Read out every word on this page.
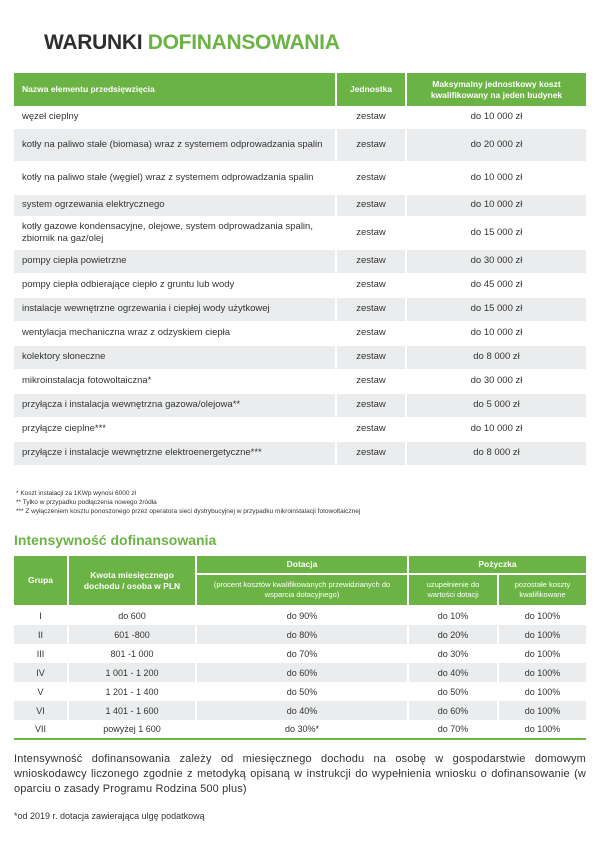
WARUNKI DOFINANSOWANIA
Nazwa elementu przedsięwzięcia	Jednostka	Maksymalny jednostkowy koszt kwalifikowany na jeden budynek
węzeł cieplny	zestaw	do 10 000 zł
kotły na paliwo stałe (biomasa) wraz z systemem odprowadzania spalin	zestaw	do 20 000 zł
kotły na paliwo stałe (węgiel) wraz z systemem odprowadzania spalin	zestaw	do 10 000 zł
system ogrzewania elektrycznego	zestaw	do 10 000 zł
kotły gazowe kondensacyjne, olejowe, system odprowadzania spalin, zbiornik na gaz/olej	zestaw	do 15 000 zł
pompy ciepła powietrzne	zestaw	do 30 000 zł
pompy ciepła odbierające ciepło z gruntu lub wody	zestaw	do 45 000 zł
instalacje wewnętrzne ogrzewania i ciepłej wody użytkowej	zestaw	do 15 000 zł
wentylacja mechaniczna wraz z odzyskiem ciepła	zestaw	do 10 000 zł
kolektory słoneczne	zestaw	do 8 000 zł
mikroinstalacja fotowoltaiczna*	zestaw	do 30 000 zł
przyłącza i instalacja wewnętrzna gazowa/olejowa**	zestaw	do 5 000 zł
przyłącze cieplne***	zestaw	do 10 000 zł
przyłącze i instalacje wewnętrzne elektroenergetyczne***	zestaw	do 8 000 zł
* Koszt instalacji za 1KWp wynosi 6000 zł
** Tylko w przypadku podłączenia nowego źródła
*** Z wyłączeniem kosztu ponoszonego przez operatora sieci dystrybucyjnej w przypadku mikroinstalacji fotowoltaicznej
Intensywność dofinansowania
Grupa	Kwota miesięcznego dochodu / osoba w PLN	Dotacja	Pożyczka	
		(procent kosztów kwalifikowanych przewidzianych do wsparcia dotacyjnego)	uzupełnienie do wartości dotacji	pozostałe koszty kwalifikowane
I	do 600	do 90%	do 10%	do 100%
II	601 -800	do 80%	do 20%	do 100%
III	801 -1 000	do 70%	do 30%	do 100%
IV	1 001 - 1 200	do 60%	do 40%	do 100%
V	1 201 - 1 400	do 50%	do 50%	do 100%
VI	1 401 - 1 600	do 40%	do 60%	do 100%
VII	powyżej 1 600	do 30%*	do 70%	do 100%
Intensywność dofinansowania zależy od miesięcznego dochodu na osobę w gospodarstwie domowym wnioskodawcy liczonego zgodnie z metodyką opisaną w instrukcji do wypełnienia wniosku o dofinansowanie (w oparciu o zasady Programu Rodzina 500 plus)
*od 2019 r. dotacja zawierająca ulgę podatkową
